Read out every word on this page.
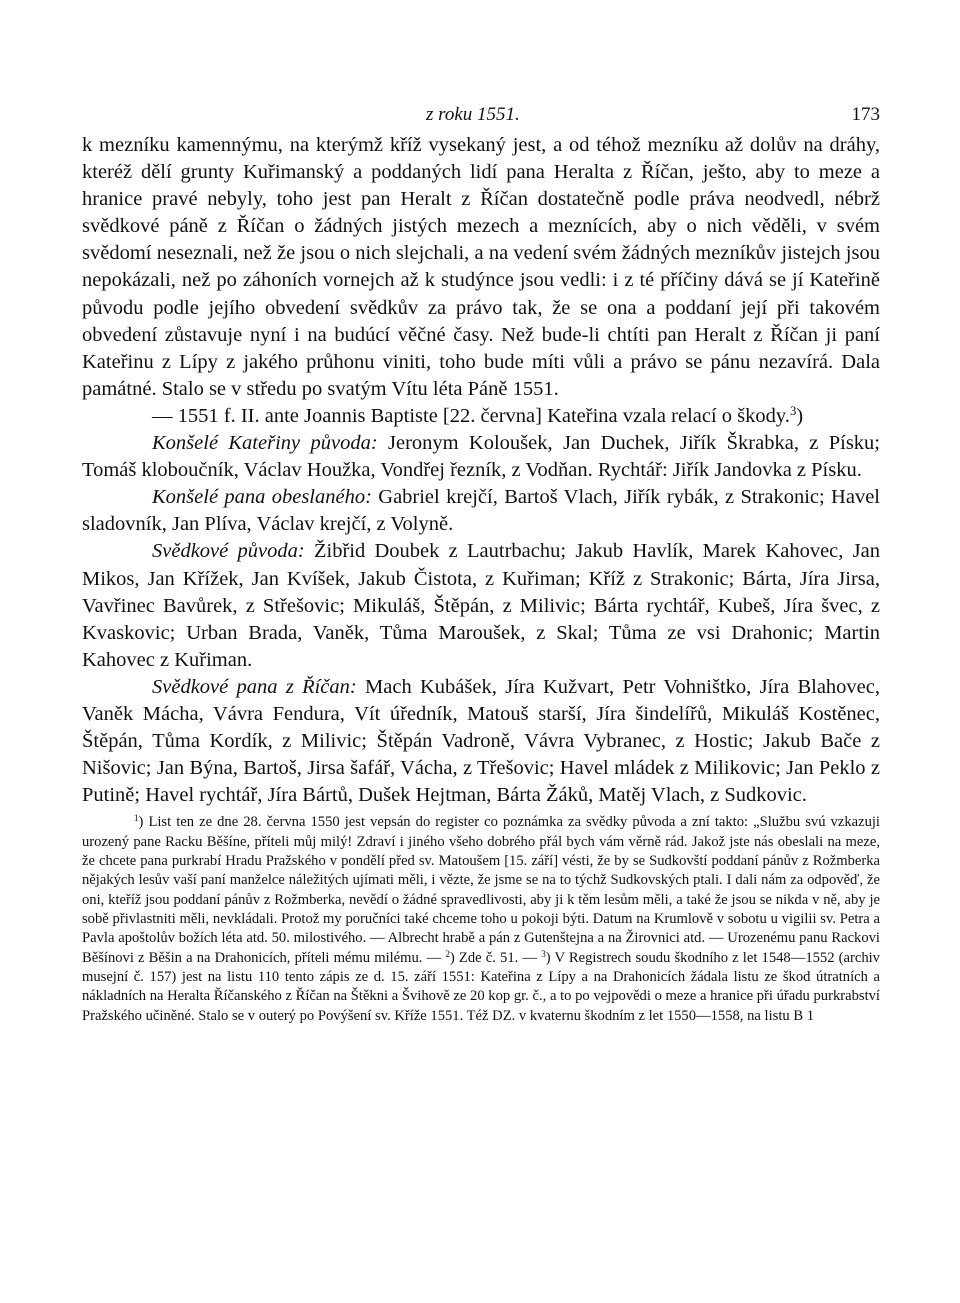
z roku 1551.	173

k mezníku kamennýmu, na kterýmž kříž vysekaný jest, a od téhož mezníku až dolův na dráhy, kteréž dělí grunty Kuřimanský a poddaných lidí pana Heralta z Říčan, ješto, aby to meze a hranice pravé nebyly, toho jest pan Heralt z Říčan dostatečně podle práva neodvedl, nébrž svědkové páně z Říčan o žádných jistých mezech a meznících, aby o nich věděli, v svém svědomí neseznali, než že jsou o nich slejchali, a na vedení svém žádných mezníkův jistejch jsou nepokázali, než po záhoních vornejch až k studýnce jsou vedli: i z té příčiny dává se jí Kateřině původu podle jejího obvedení svědkův za právo tak, že se ona a poddaní její při takovém obvedení zůstavuje nyní i na budúcí věčné časy. Než bude-li chtíti pan Heralt z Říčan ji paní Kateřinu z Lípy z jakého průhonu viniti, toho bude míti vůli a právo se pánu nezavírá. Dala památné. Stalo se v středu po svatým Vítu léta Páně 1551.

— 1551 f. II. ante Joannis Baptiste [22. června] Kateřina vzala relací o škody.$^3$)

Konšelé Kateřiny původa: Jeronym Koloušek, Jan Duchek, Jiřík Škrabka, z Písku; Tomáš kloboučník, Václav Houžka, Vondřej řezník, z Vodňan. Rychtář: Jiřík Jandovka z Písku.

Konšelé pana obeslaného: Gabriel krejčí, Bartoš Vlach, Jiřík rybák, z Strakonic; Havel sladovník, Jan Plíva, Václav krejčí, z Volyně.

Svědkové původa: Žibřid Doubek z Lautrbachu; Jakub Havlík, Marek Kahovec, Jan Mikos, Jan Křížek, Jan Kvíšek, Jakub Čistota, z Kuřiman; Kříž z Strakonic; Bárta, Jíra Jirsa, Vavřinec Bavůrek, z Střešovic; Mikuláš, Štěpán, z Milivic; Bárta rychtář, Kubeš, Jíra švec, z Kvaskovic; Urban Brada, Vaněk, Tůma Maroušek, z Skal; Tůma ze vsi Drahonic; Martin Kahovec z Kuřiman.

Svědkové pana z Říčan: Mach Kubášek, Jíra Kužvart, Petr Vohništko, Jíra Blahovec, Vaněk Mácha, Vávra Fendura, Vít úředník, Matouš starší, Jíra šindelířů, Mikuláš Kostěnec, Štěpán, Tůma Kordík, z Milivic; Štěpán Vadroně, Vávra Vybranec, z Hostic; Jakub Bače z Nišovic; Jan Býna, Bartoš, Jirsa šafář, Vácha, z Třešovic; Havel mládek z Milikovic; Jan Peklo z Putině; Havel rychtář, Jíra Bártů, Dušek Hejtman, Bárta Žáků, Matěj Vlach, z Sudkovic.

$^1$) List ten ze dne 28. června 1550 jest vepsán do register co poznámka za svědky původa a zní takto: „Službu svú vzkazuji urozený pane Racku Běšíne, příteli můj milý! Zdraví i jiného všeho dobrého přál bych vám věrně rád. Jakož jste nás obeslali na meze, že chcete pana purkrabí Hradu Pražského v pondělí před sv. Matoušem [15. září] vésti, že by se Sudkovští poddaní pánův z Rožmberka nějakých lesův vaší paní manželce náležitých ujímati měli, i vězte, že jsme se na to týchž Sudkovských ptali. I dali nám za odpověď, že oni, kteříž jsou poddaní pánův z Rožmberka, nevědí o žádné spravedlivosti, aby ji k těm lesům měli, a také že jsou se nikda v ně, aby je sobě přivlastniti měli, nevkládali. Protož my poručníci také chceme toho u pokoji býti. Datum na Krumlově v sobotu u vigilii sv. Petra a Pavla apoštolův božích léta atd. 50. milostivého. — Albrecht hrabě a pán z Gutenštejna a na Žirovnici atd. — Urozenému panu Rackovi Běšínovi z Běšin a na Drahonicích, příteli mému milému. — $^2$) Zde č. 51. — $^3$) V Registrech soudu škodního z let 1548—1552 (archiv musejní č. 157) jest na listu 110 tento zápis ze d. 15. září 1551: Kateřina z Lípy a na Drahonicích žádala listu ze škod útratních a nákladních na Heralta Říčanského z Říčan na Štěkni a Švihově ze 20 kop gr. č., a to po vejpovědi o meze a hranice při úřadu purkrabství Pražského učiněné. Stalo se v outerý po Povýšení sv. Kříže 1551. Též DZ. v kvaternu škodním z let 1550—1558, na listu B 1
